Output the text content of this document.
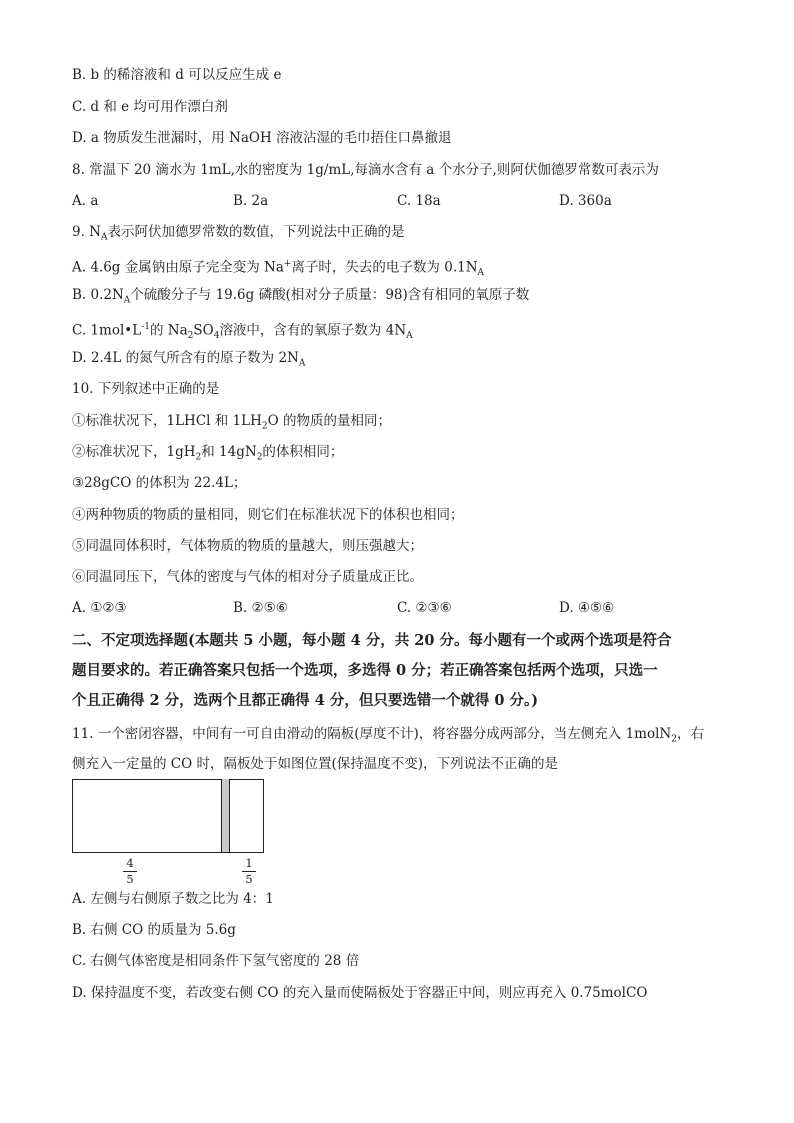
B. b 的稀溶液和 d 可以反应生成 e
C. d 和 e 均可用作漂白剂
D. a 物质发生泄漏时，用 NaOH 溶液沾湿的毛巾捂住口鼻撤退
8. 常温下 20 滴水为 1mL,水的密度为 1g/mL,每滴水含有 a 个水分子,则阿伏伽德罗常数可表示为
A. a	B. 2a	C. 18a	D. 360a
9. $N_A$表示阿伏加德罗常数的数值，下列说法中正确的是
A. 4.6g 金属钠由原子完全变为 Na+离子时，失去的电子数为 $0.1N_A$
B. $0.2N_A$个硫酸分子与 19.6g 磷酸(相对分子质量：98)含有相同的氧原子数
C. $1mol•L^{-1}$的 $Na_2SO_4$溶液中，含有的氧原子数为 $4N_A$
D. 2.4L 的氮气所含有的原子数为 $2N_A$
10. 下列叙述中正确的是
①标准状况下，1LHCl 和 $1LH_2O$ 的物质的量相同；
②标准状况下，$1gH_2$和 $14gN_2$的体积相同；
③28gCO 的体积为 22.4L；
④两种物质的物质的量相同，则它们在标准状况下的体积也相同；
⑤同温同体积时，气体物质的物质的量越大，则压强越大；
⑥同温同压下，气体的密度与气体的相对分子质量成正比。
A. ①②③	B. ②⑤⑥	C. ②③⑥	D. ④⑤⑥
二、不定项选择题(本题共 5 小题，每小题 4 分，共 20 分。每小题有一个或两个选项是符合
题目要求的。若正确答案只包括一个选项，多选得 0 分；若正确答案包括两个选项，只选一
个且正确得 2 分，选两个且都正确得 4 分，但只要选错一个就得 0 分。)
11. 一个密闭容器，中间有一可自由滑动的隔板(厚度不计)，将容器分成两部分，当左侧充入 1molN$_2$，右
侧充入一定量的 CO 时，隔板处于如图位置(保持温度不变)，下列说法不正确的是
4
5
1
5
A. 左侧与右侧原子数之比为 4：1
B. 右侧 CO 的质量为 5.6g
C. 右侧气体密度是相同条件下氢气密度的 28 倍
D. 保持温度不变，若改变右侧 CO 的充入量而使隔板处于容器正中间，则应再充入 0.75molCO
